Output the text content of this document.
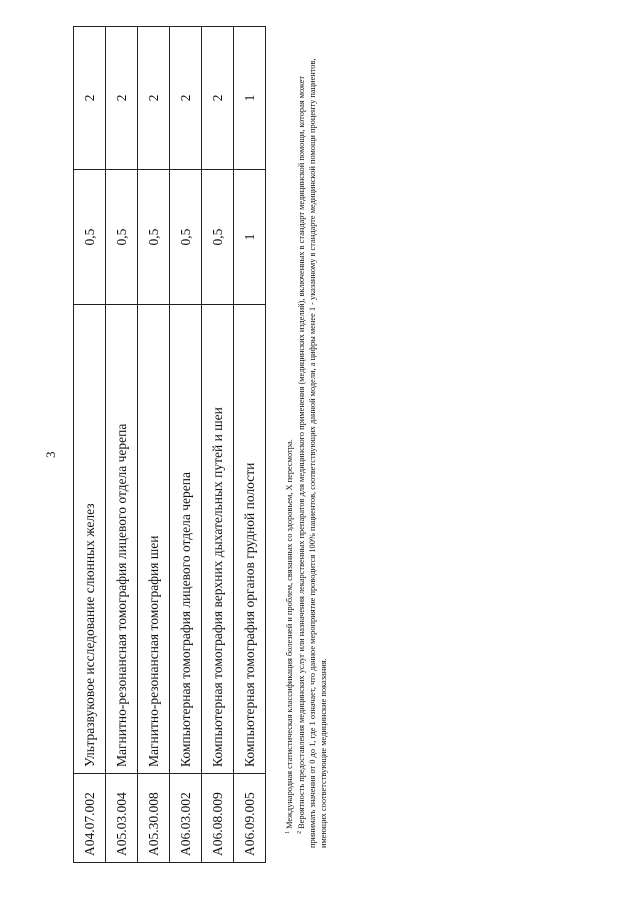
3
A04.07.002	Ультразвуковое исследование слюнных желез	0,5	2
A05.03.004	Магнитно-резонансная томография лицевого отдела черепа	0,5	2
A05.30.008	Магнитно-резонансная томография шеи	0,5	2
A06.03.002	Компьютерная томография лицевого отдела черепа	0,5	2
A06.08.009	Компьютерная томография верхних дыхательных путей и шеи	0,5	2
A06.09.005	Компьютерная томография органов грудной полости	1	1

$^1$ Международная статистическая классификация болезней и проблем, связанных со здоровьем, X пересмотра.

$^2$ Вероятность предоставления медицинских услуг или назначения лекарственных препаратов для медицинского применения (медицинских изделий), включенных в стандарт медицинской помощи, которая может принимать значения от 0 до 1, где 1 означает, что данное мероприятие проводится 100% пациентов, соответствующих данной модели, а цифры менее 1 - указанному в стандарте медицинской помощи проценту пациентов, имеющих соответствующие медицинские показания.
